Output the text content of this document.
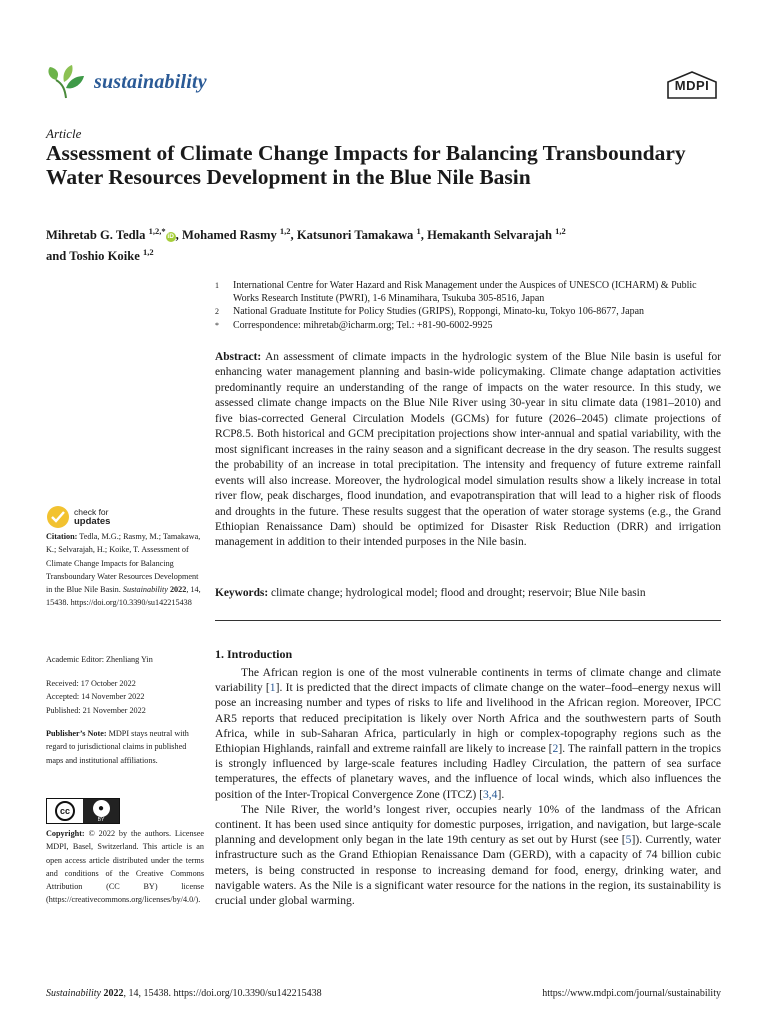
sustainability	MDPI
Article
Assessment of Climate Change Impacts for Balancing Transboundary Water Resources Development in the Blue Nile Basin
Mihretab G. Tedla $^{1,2,*}$iD , Mohamed Rasmy $^{1,2}$, Katsunori Tamakawa $^1$, Hemakanth Selvarajah $^{1,2}$
and Toshio Koike $^{1,2}$
1	International Centre for Water Hazard and Risk Management under the Auspices of UNESCO (ICHARM) & Public Works Research Institute (PWRI), 1-6 Minamihara, Tsukuba 305-8516, Japan
2	National Graduate Institute for Policy Studies (GRIPS), Roppongi, Minato-ku, Tokyo 106-8677, Japan
*	Correspondence: mihretab@icharm.org; Tel.: +81-90-6002-9925
Abstract: An assessment of climate impacts in the hydrologic system of the Blue Nile basin is useful for enhancing water management planning and basin-wide policymaking. Climate change adaptation activities predominantly require an understanding of the range of impacts on the water resource. In this study, we assessed climate change impacts on the Blue Nile River using 30-year in situ climate data (1981–2010) and five bias-corrected General Circulation Models (GCMs) for future (2026–2045) climate projections of RCP8.5. Both historical and GCM precipitation projections show inter-annual and spatial variability, with the most significant increases in the rainy season and a significant decrease in the dry season. The results suggest the probability of an increase in total precipitation. The intensity and frequency of future extreme rainfall events will also increase. Moreover, the hydrological model simulation results show a likely increase in total river flow, peak discharges, flood inundation, and evapotranspiration that will lead to a higher risk of floods and droughts in the future. These results suggest that the operation of water storage systems (e.g., the Grand Ethiopian Renaissance Dam) should be optimized for Disaster Risk Reduction (DRR) and irrigation management in addition to their intended purposes in the Nile basin.
Keywords: climate change; hydrological model; flood and drought; reservoir; Blue Nile basin
check for
updates
Citation: Tedla, M.G.; Rasmy, M.; Tamakawa, K.; Selvarajah, H.; Koike, T. Assessment of Climate Change Impacts for Balancing Transboundary Water Resources Development in the Blue Nile Basin. Sustainability 2022, 14, 15438. https://doi.org/10.3390/su142215438
Academic Editor: Zhenliang Yin
Received: 17 October 2022
Accepted: 14 November 2022
Published: 21 November 2022
Publisher’s Note: MDPI stays neutral with regard to jurisdictional claims in published maps and institutional affiliations.
cc	●
BY
Copyright: © 2022 by the authors. Licensee MDPI, Basel, Switzerland. This article is an open access article distributed under the terms and conditions of the Creative Commons Attribution (CC BY) license (https://creativecommons.org/licenses/by/4.0/).
1. Introduction

The African region is one of the most vulnerable continents in terms of climate change and climate variability [1]. It is predicted that the direct impacts of climate change on the water–food–energy nexus will pose an increasing number and types of risks to life and livelihood in the African region. Moreover, IPCC AR5 reports that reduced precipitation is likely over North Africa and the southwestern parts of South Africa, while in sub-Saharan Africa, particularly in high or complex-topography regions such as the Ethiopian Highlands, rainfall and extreme rainfall are likely to increase [2]. The rainfall pattern in the tropics is strongly influenced by large-scale features including Hadley Circulation, the pattern of sea surface temperatures, the effects of planetary waves, and the influence of local winds, which also influences the position of the Inter-Tropical Convergence Zone (ITCZ) [3,4].

The Nile River, the world’s longest river, occupies nearly 10% of the landmass of the African continent. It has been used since antiquity for domestic purposes, irrigation, and navigation, but large-scale planning and development only began in the late 19th century as set out by Hurst (see [5]). Currently, water infrastructure such as the Grand Ethiopian Renaissance Dam (GERD), with a capacity of 74 billion cubic meters, is being constructed in response to increasing demand for food, energy, drinking water, and navigable waters. As the Nile is a significant water resource for the nations in the region, its sustainability is crucial under global warming.

Sustainability 2022, 14, 15438. https://doi.org/10.3390/su142215438	https://www.mdpi.com/journal/sustainability
